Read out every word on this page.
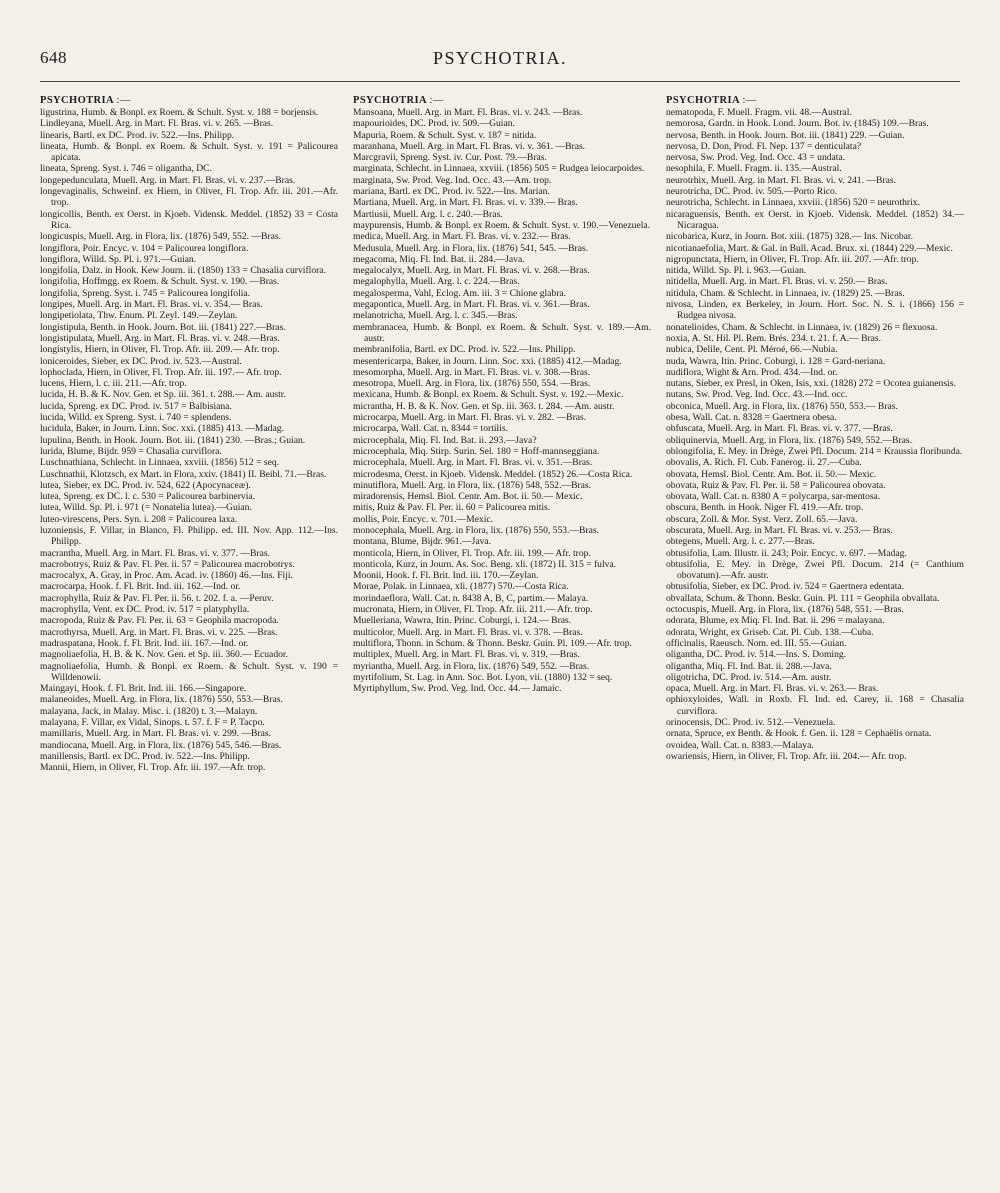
648	PSYCHOTRIA.

PSYCHOTRIA :—

ligustrina, Humb. & Bonpl. ex Roem. & Schult. Syst. v. 188 = borjensis.
Lindleyana, Muell. Arg. in Mart. Fl. Bras. vi. v. 265. —Bras.
linearis, Bartl. ex DC. Prod. iv. 522.—Ins. Philipp.
lineata, Humb. & Bonpl. ex Roem. & Schult. Syst. v. 191 = Palicourea apicata.
lineata, Spreng. Syst. i. 746 = oligantha, DC.
longepedunculata, Muell. Arg. in Mart. Fl. Bras. vi. v. 237.—Bras.
longevaginalis, Schweinf. ex Hiern, in Oliver, Fl. Trop. Afr. iii. 201.—Afr. trop.
longicollis, Benth. ex Oerst. in Kjoeb. Vidensk. Meddel. (1852) 33 = Costa Rica.
longicuspis, Muell. Arg. in Flora, lix. (1876) 549, 552. —Bras.
longiflora, Poir. Encyc. v. 104 = Palicourea longiflora.
longiflora, Willd. Sp. Pl. i. 971.—Guian.
longifolia, Dalz. in Hook. Kew Journ. ii. (1850) 133 = Chasalia curviflora.
longifolia, Hoffmgg. ex Roem. & Schult. Syst. v. 190. —Bras.
longifolia, Spreng. Syst. i. 745 = Palicourea longifolia.
longipes, Muell. Arg. in Mart. Fl. Bras. vi. v. 354.— Bras.
longipetiolata, Thw. Enum. Pl. Zeyl. 149.—Zeylan.
longistipula, Benth. in Hook. Journ. Bot. iii. (1841) 227.—Bras.
longistipulata, Muell. Arg. in Mart. Fl. Bras. vi. v. 248.—Bras.
longistylis, Hiern, in Oliver, Fl. Trop. Afr. iii. 209.— Afr. trop.
loniceroides, Sieber, ex DC. Prod. iv. 523.—Austral.
lophoclada, Hiern, in Oliver, Fl. Trop. Afr. iii. 197.— Afr. trop.
lucens, Hiern, l. c. iii. 211.—Afr. trop.
lucida, H. B. & K. Nov. Gen. et Sp. iii. 361. t. 288.— Am. austr.
lucida, Spreng. ex DC. Prod. iv. 517 = Balbisiana.
lucida, Willd. ex Spreng. Syst. i. 740 = splendens.
lucidula, Baker, in Journ. Linn. Soc. xxi. (1885) 413. —Madag.
lupulina, Benth. in Hook. Journ. Bot. iii. (1841) 230. —Bras.; Guian.
lurida, Blume, Bijdr. 959 = Chasalia curviflora.
Luschnathiana, Schlecht. in Linnaea, xxviii. (1856) 512 = seq.
Luschnathii, Klotzsch, ex Mart. in Flora, xxiv. (1841) II. Beibl. 71.—Bras.
lutea, Sieber, ex DC. Prod. iv. 524, 622 (Apocynaceæ).
lutea, Spreng. ex DC. l. c. 530 = Palicourea barbinervia.
lutea, Willd. Sp. Pl. i. 971 (= Nonatelia lutea).—Guian.
luteo-virescens, Pers. Syn. i. 208 = Palicourea laxa.
luzoniensis, F. Villar, in Blanco, Fl. Philipp. ed. III. Nov. App. 112.—Ins. Philipp.
macrantha, Muell. Arg. in Mart. Fl. Bras. vi. v. 377. —Bras.
macrobotrys, Ruiz & Pav. Fl. Per. ii. 57 = Palicourea macrobotrys.
macrocalyx, A. Gray, in Proc. Am. Acad. iv. (1860) 46.—Ins. Fiji.
macrocarpa, Hook. f. Fl. Brit. Ind. iii. 162.—Ind. or.
macrophylla, Ruiz & Pav. Fl. Per. ii. 56. t. 202. f. a. —Peruv.
macrophylla, Vent. ex DC. Prod. iv. 517 = platyphylla.
macropoda, Ruiz & Pav. Fl. Per. ii. 63 = Geophila macropoda.
macrothyrsa, Muell. Arg. in Mart. Fl. Bras. vi. v. 225. —Bras.
madraspatana, Hook. f. Fl. Brit. Ind. iii. 167.—Ind. or.
magnoliaefolia, H. B. & K. Nov. Gen. et Sp. iii. 360.— Ecuador.
magnoliaefolia, Humb. & Bonpl. ex Roem. & Schult. Syst. v. 190 = Willdenowii.
Maingayi, Hook. f. Fl. Brit. Ind. iii. 166.—Singapore.
malaneoides, Muell. Arg. in Flora, lix. (1876) 550, 553.—Bras.
malayana, Jack, in Malay. Misc. i. (1820) t. 3.—Malayn.
malayana, F. Villar, ex Vidal, Sinops. t. 57. f. F = P. Tacpo.
mamillaris, Muell. Arg. in Mart. Fl. Bras. vi. v. 299. —Bras.
mandiocana, Muell. Arg. in Flora, lix. (1876) 545, 546.—Bras.
manillensis, Bartl. ex DC. Prod. iv. 522.—Ins. Philipp.
Mannii, Hiern, in Oliver, Fl. Trop. Afr. iii. 197.—Afr. trop.

PSYCHOTRIA :—

Mansoana, Muell. Arg. in Mart. Fl. Bras. vi. v. 243. —Bras.
mapourioides, DC. Prod. iv. 509.—Guian.
Mapuria, Roem. & Schult. Syst. v. 187 = nitida.
maranhana, Muell. Arg. in Mart. Fl. Bras. vi. v. 361. —Bras.
Marcgravii, Spreng. Syst. iv. Cur. Post. 79.—Bras.
marginata, Schlecht. in Linnaea, xxviii. (1856) 505 = Rudgea leiocarpoides.
marginata, Sw. Prod. Veg. Ind. Occ. 43.—Am. trop.
mariana, Bartl. ex DC. Prod. iv. 522.—Ins. Marian.
Martiana, Muell. Arg. in Mart. Fl. Bras. vi. v. 339.— Bras.
Martiusii, Muell. Arg. l. c. 240.—Bras.
maypurensis, Humb. & Bonpl. ex Roem. & Schult. Syst. v. 190.—Venezuela.
medica, Muell. Arg. in Mart. Fl. Bras. vi. v. 232.— Bras.
Medusula, Muell. Arg. in Flora, lix. (1876) 541, 545. —Bras.
megacoma, Miq. Fl. Ind. Bat. ii. 284.—Java.
megalocalyx, Muell. Arg. in Mart. Fl. Bras. vi. v. 268.—Bras.
megalophylla, Muell. Arg. l. c. 224.—Bras.
megalosperma, Vahl, Eclog. Am. iii. 3 = Chione glabra.
megapontica, Muell. Arg. in Mart. Fl. Bras. vi. v. 361.—Bras.
melanotricha, Muell. Arg. l. c. 345.—Bras.
membranacea, Humb. & Bonpl. ex Roem. & Schult. Syst. v. 189.—Am. austr.
membranifolia, Bartl. ex DC. Prod. iv. 522.—Ins. Philipp.
mesentericarpa, Baker, in Journ. Linn. Soc. xxi. (1885) 412.—Madag.
mesomorpha, Muell. Arg. in Mart. Fl. Bras. vi. v. 308.—Bras.
mesotropa, Muell. Arg. in Flora, lix. (1876) 550, 554. —Bras.
mexicana, Humb. & Bonpl. ex Roem. & Schult. Syst. v. 192.—Mexic.
micrantha, H. B. & K. Nov. Gen. et Sp. iii. 363. t. 284. —Am. austr.
microcarpa, Muell. Arg. in Mart. Fl. Bras. vi. v. 282. —Bras.
microcarpa, Wall. Cat. n. 8344 = tortilis.
microcephala, Miq. Fl. Ind. Bat. ii. 293.—Java?
microcephala, Miq. Stirp. Surin. Sel. 180 = Hoff-mannseggiana.
microcephala, Muell. Arg. in Mart. Fl. Bras. vi. v. 351.—Bras.
microdesma, Oerst. in Kjoeb. Vidensk. Meddel. (1852) 26.—Costa Rica.
minutiflora, Muell. Arg. in Flora, lix. (1876) 548, 552.—Bras.
miradorensis, Hemsl. Biol. Centr. Am. Bot. ii. 50.— Mexic.
mitis, Ruiz & Pav. Fl. Per. ii. 60 = Palicourea mitis.
mollis, Poir. Encyc. v. 701.—Mexic.
monocephala, Muell. Arg. in Flora, lix. (1876) 550, 553.—Bras.
montana, Blume, Bijdr. 961.—Java.
monticola, Hiern, in Oliver, Fl. Trop. Afr. iii. 199.— Afr. trop.
monticola, Kurz, in Journ. As. Soc. Beng. xli. (1872) II. 315 = fulva.
Moonii, Hook. f. Fl. Brit. Ind. iii. 170.—Zeylan.
Morae, Polak. in Linnaea, xli. (1877) 570.—Costa Rica.
morindaeflora, Wall. Cat. n. 8438 A, B, C, partim.— Malaya.
mucronata, Hiern, in Oliver, Fl. Trop. Afr. iii. 211.— Afr. trop.
Muelleriana, Wawra, Itin. Princ. Coburgi, i. 124.— Bras.
multicolor, Muell. Arg. in Mart. Fl. Bras. vi. v. 378. —Bras.
multiflora, Thonn. in Schum. & Thonn. Beskr. Guin. Pl. 109.—Afr. trop.
multiplex, Muell. Arg. in Mart. Fl. Bras. vi. v. 319. —Bras.
myriantha, Muell. Arg. in Flora, lix. (1876) 549, 552. —Bras.
myrtifolium, St. Lag. in Ann. Soc. Bot. Lyon, vii. (1880) 132 = seq.
Myrtiphyllum, Sw. Prod. Veg. Ind. Occ. 44.— Jamaic.

PSYCHOTRIA :—

nematopoda, F. Muell. Fragm. vii. 48.—Austral.
nemorosa, Gardn. in Hook. Lond. Journ. Bot. iv. (1845) 109.—Bras.
nervosa, Benth. in Hook. Journ. Bot. iii. (1841) 229. —Guian.
nervosa, D. Don, Prod. Fl. Nep. 137 = denticulata?
nervosa, Sw. Prod. Veg. Ind. Occ. 43 = undata.
nesophila, F. Muell. Fragm. ii. 135.—Austral.
neurotrhix, Muell. Arg. in Mart. Fl. Bras. vi. v. 241. —Bras.
neurotricha, DC. Prod. iv. 505.—Porto Rico.
neurotricha, Schlecht. in Linnaea, xxviii. (1856) 520 = neurothrix.
nicaraguensis, Benth. ex Oerst. in Kjoeb. Vidensk. Meddel. (1852) 34.—Nicaragua.
nicobarica, Kurz, in Journ. Bot. xiii. (1875) 328.— Ins. Nicobar.
nicotianaefolia, Mart. & Gal. in Bull. Acad. Brux. xi. (1844) 229.—Mexic.
nigropunctata, Hiern, in Oliver, Fl. Trop. Afr. iii. 207. —Afr. trop.
nitida, Willd. Sp. Pl. i. 963.—Guian.
nitidella, Muell. Arg. in Mart. Fl. Bras. vi. v. 250.— Bras.
nitidula, Cham. & Schlecht. in Linnaea, iv. (1829) 25. —Bras.
nivosa, Linden, ex Berkeley, in Journ. Hort. Soc. N. S. i. (1866) 156 = Rudgea nivosa.
nonatelioides, Cham. & Schlecht. in Linnaea, iv. (1829) 26 = flexuosa.
noxia, A. St. Hil. Pl. Rem. Brés. 234. t. 21. f. A.— Bras.
nubica, Delile, Cent. Pl. Méroé, 66.—Nubia.
nuda, Wawra, Itin. Princ. Coburgi, i. 128 = Gard-neriana.
nudiflora, Wight & Arn. Prod. 434.—Ind. or.
nutans, Sieber, ex Presl, in Oken, Isis, xxi. (1828) 272 = Ocotea guianensis.
nutans, Sw. Prod. Veg. Ind. Occ. 43.—Ind. occ.
obconica, Muell. Arg. in Flora, lix. (1876) 550, 553.— Bras.
obesa, Wall. Cat. n. 8328 = Gaertnera obesa.
obfuscata, Muell. Arg. in Mart. Fl. Bras. vi. v. 377. —Bras.
obliquinervia, Muell. Arg. in Flora, lix. (1876) 549, 552.—Bras.
oblongifolia, E. Mey. in Drège, Zwei Pfl. Docum. 214 = Kraussia floribunda.
obovalis, A. Rich. Fl. Cub. Fanerog. ii. 27.—Cuba.
obovata, Hemsl. Biol. Centr. Am. Bot. ii. 50.— Mexic.
obovata, Ruiz & Pav. Fl. Per. ii. 58 = Palicourea obovata.
obovata, Wall. Cat. n. 8380 A = polycarpa, sar-mentosa.
obscura, Benth. in Hook. Niger Fl. 419.—Afr. trop.
obscura, Zoll. & Mor. Syst. Verz. Zoll. 65.—Java.
obscurata, Muell. Arg. in Mart. Fl. Bras. vi. v. 253.— Bras.
obtegens, Muell. Arg. l. c. 277.—Bras.
obtusifolia, Lam. Illustr. ii. 243; Poir. Encyc. v. 697. —Madag.
obtusifolia, E. Mey. in Drège, Zwei Pfl. Docum. 214 (= Canthium obovatum).—Afr. austr.
obtusifolia, Sieber, ex DC. Prod. iv. 524 = Gaertnera edentata.
obvallata, Schum. & Thonn. Beskr. Guin. Pl. 111 = Geophila obvallata.
octocuspis, Muell. Arg. in Flora, lix. (1876) 548, 551. —Bras.
odorata, Blume, ex Miq. Fl. Ind. Bat. ii. 296 = malayana.
odorata, Wright, ex Griseb. Cat. Pl. Cub. 138.—Cuba.
officinalis, Raeusch. Nom. ed. III. 55.—Guian.
oligantha, DC. Prod. iv. 514.—Ins. S. Doming.
oligantha, Miq. Fl. Ind. Bat. ii. 288.—Java.
oligotricha, DC. Prod. iv. 514.—Am. austr.
opaca, Muell. Arg. in Mart. Fl. Bras. vi. v. 263.— Bras.
ophioxyloides, Wall. in Roxb. Fl. Ind. ed. Carey, ii. 168 = Chasalia curviflora.
orinocensis, DC. Prod. iv. 512.—Venezuela.
ornata, Spruce, ex Benth. & Hook. f. Gen. ii. 128 = Cephaëlis ornata.
ovoidea, Wall. Cat. n. 8383.—Malaya.
owariensis, Hiern, in Oliver, Fl. Trop. Afr. iii. 204.— Afr. trop.
